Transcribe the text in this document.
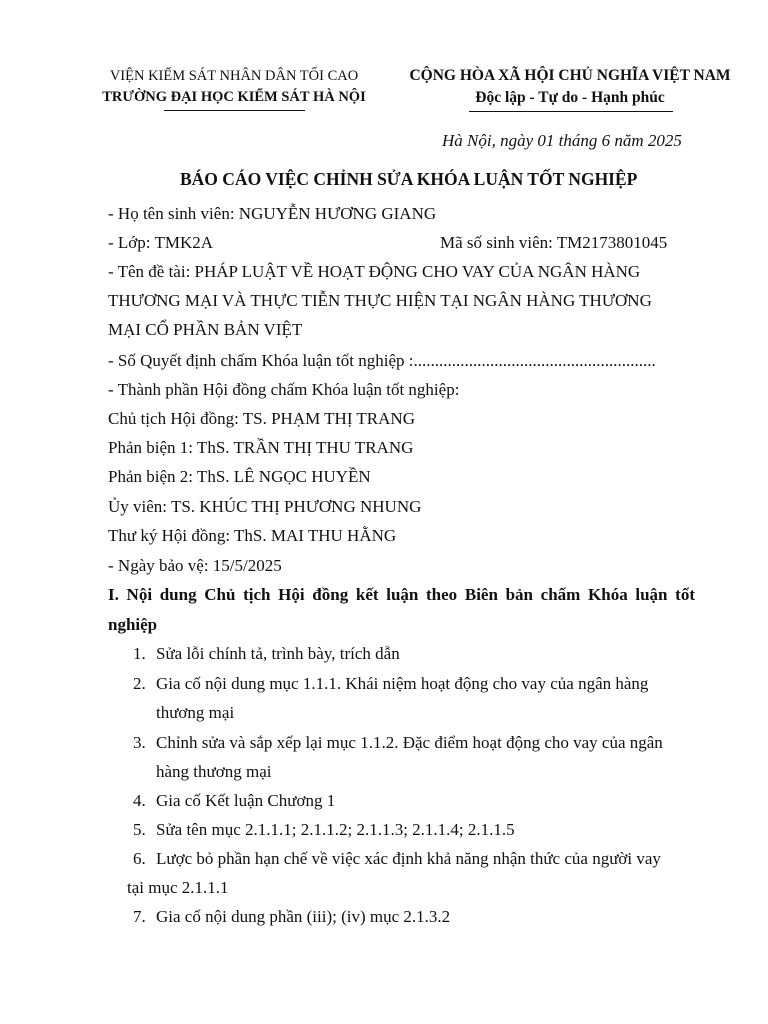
VIỆN KIỂM SÁT NHÂN DÂN TỐI CAO
TRƯỜNG ĐẠI HỌC KIỂM SÁT HÀ NỘI
CỘNG HÒA XÃ HỘI CHỦ NGHĨA VIỆT NAM
Độc lập - Tự do - Hạnh phúc
Hà Nội, ngày 01 tháng 6 năm 2025
BÁO CÁO VIỆC CHỈNH SỬA KHÓA LUẬN TỐT NGHIỆP
- Họ tên sinh viên: NGUYỄN HƯƠNG GIANG
- Lớp: TMK2A	Mã số sinh viên: TM2173801045
- Tên đề tài: PHÁP LUẬT VỀ HOẠT ĐỘNG CHO VAY CỦA NGÂN HÀNG
THƯƠNG MẠI VÀ THỰC TIỄN THỰC HIỆN TẠI NGÂN HÀNG THƯƠNG
MẠI CỔ PHẦN BẢN VIỆT
- Số Quyết định chấm Khóa luận tốt nghiệp :.........................................................
- Thành phần Hội đồng chấm Khóa luận tốt nghiệp:
Chủ tịch Hội đồng: TS. PHẠM THỊ TRANG
Phản biện 1: ThS. TRẦN THỊ THU TRANG
Phản biện 2: ThS. LÊ NGỌC HUYỀN
Ủy viên: TS. KHÚC THỊ PHƯƠNG NHUNG
Thư ký Hội đồng: ThS. MAI THU HẰNG
- Ngày bảo vệ: 15/5/2025
I. Nội dung Chủ tịch Hội đồng kết luận theo Biên bản chấm Khóa luận tốt
nghiệp
1. Sửa lỗi chính tả, trình bày, trích dẫn
2. Gia cố nội dung mục 1.1.1. Khái niệm hoạt động cho vay của ngân hàng
thương mại
3. Chỉnh sửa và sắp xếp lại mục 1.1.2. Đặc điểm hoạt động cho vay của ngân
hàng thương mại
4. Gia cố Kết luận Chương 1
5. Sửa tên mục 2.1.1.1; 2.1.1.2; 2.1.1.3; 2.1.1.4; 2.1.1.5
6. Lược bỏ phần hạn chế về việc xác định khả năng nhận thức của người vay
tại mục 2.1.1.1
7. Gia cố nội dung phần (iii); (iv) mục 2.1.3.2
